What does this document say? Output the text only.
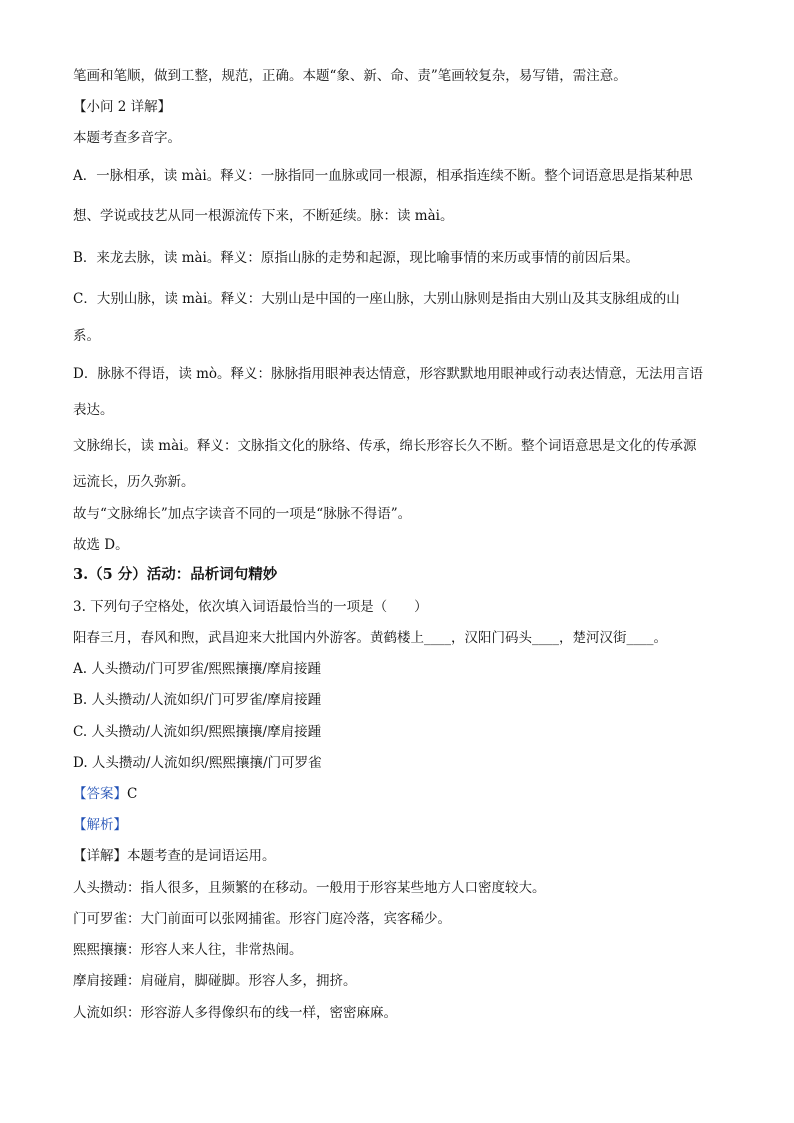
笔画和笔顺，做到工整，规范，正确。本题“象、新、命、责”笔画较复杂，易写错，需注意。
【小问 2 详解】
本题考查多音字。
A．一脉相承，读 mài。释义：一脉指同一血脉或同一根源，相承指连续不断。整个词语意思是指某种思
想、学说或技艺从同一根源流传下来，不断延续。脉：读 mài。
B．来龙去脉，读 mài。释义：原指山脉的走势和起源，现比喻事情的来历或事情的前因后果。
C．大别山脉，读 mài。释义：大别山是中国的一座山脉，大别山脉则是指由大别山及其支脉组成的山
系。
D．脉脉不得语，读 mò。释义：脉脉指用眼神表达情意，形容默默地用眼神或行动表达情意，无法用言语
表达。
文脉绵长，读 mài。释义：文脉指文化的脉络、传承，绵长形容长久不断。整个词语意思是文化的传承源
远流长，历久弥新。
故与“文脉绵长”加点字读音不同的一项是“脉脉不得语”。
故选 D。
3.（5 分）活动：品析词句精妙
3. 下列句子空格处，依次填入词语最恰当的一项是（　　）
阳春三月，春风和煦，武昌迎来大批国内外游客。黄鹤楼上____，汉阳门码头____，楚河汉街____。
A. 人头攒动/门可罗雀/熙熙攘攘/摩肩接踵
B. 人头攒动/人流如织/门可罗雀/摩肩接踵
C. 人头攒动/人流如织/熙熙攘攘/摩肩接踵
D. 人头攒动/人流如织/熙熙攘攘/门可罗雀
【答案】C
【解析】
【详解】本题考查的是词语运用。
人头攒动：指人很多，且频繁的在移动。一般用于形容某些地方人口密度较大。
门可罗雀：大门前面可以张网捕雀。形容门庭冷落，宾客稀少。
熙熙攘攘：形容人来人往，非常热闹。
摩肩接踵：肩碰肩，脚碰脚。形容人多，拥挤。
人流如织：形容游人多得像织布的线一样，密密麻麻。
